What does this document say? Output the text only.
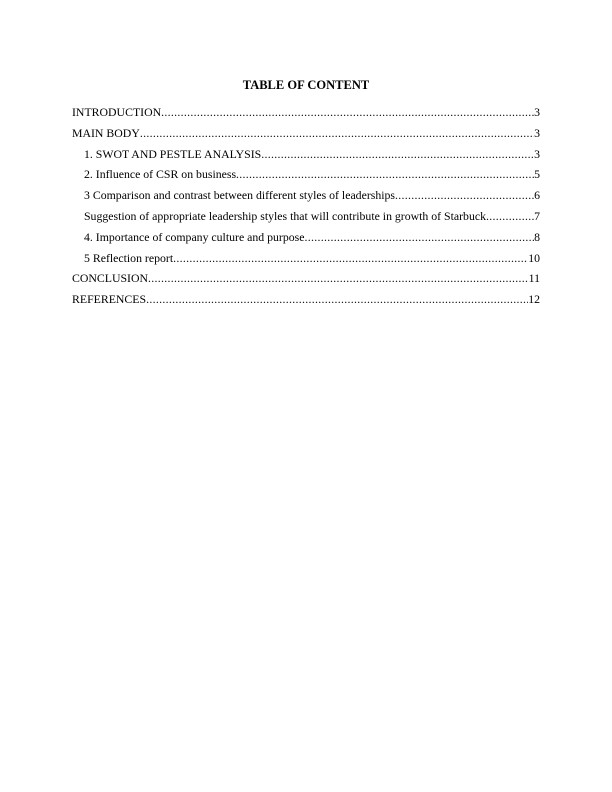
TABLE OF CONTENT
INTRODUCTION .....	3
MAIN BODY .....	3
1. SWOT AND PESTLE ANALYSIS .....	3
2. Influence of CSR on business .....	5
3 Comparison and contrast between different styles of leaderships .....	6
Suggestion of appropriate leadership styles that will contribute in growth of Starbuck .....	7
4. Importance of company culture and purpose .....	8
5 Reflection report .....	10
CONCLUSION .....	11
REFERENCES .....	12
